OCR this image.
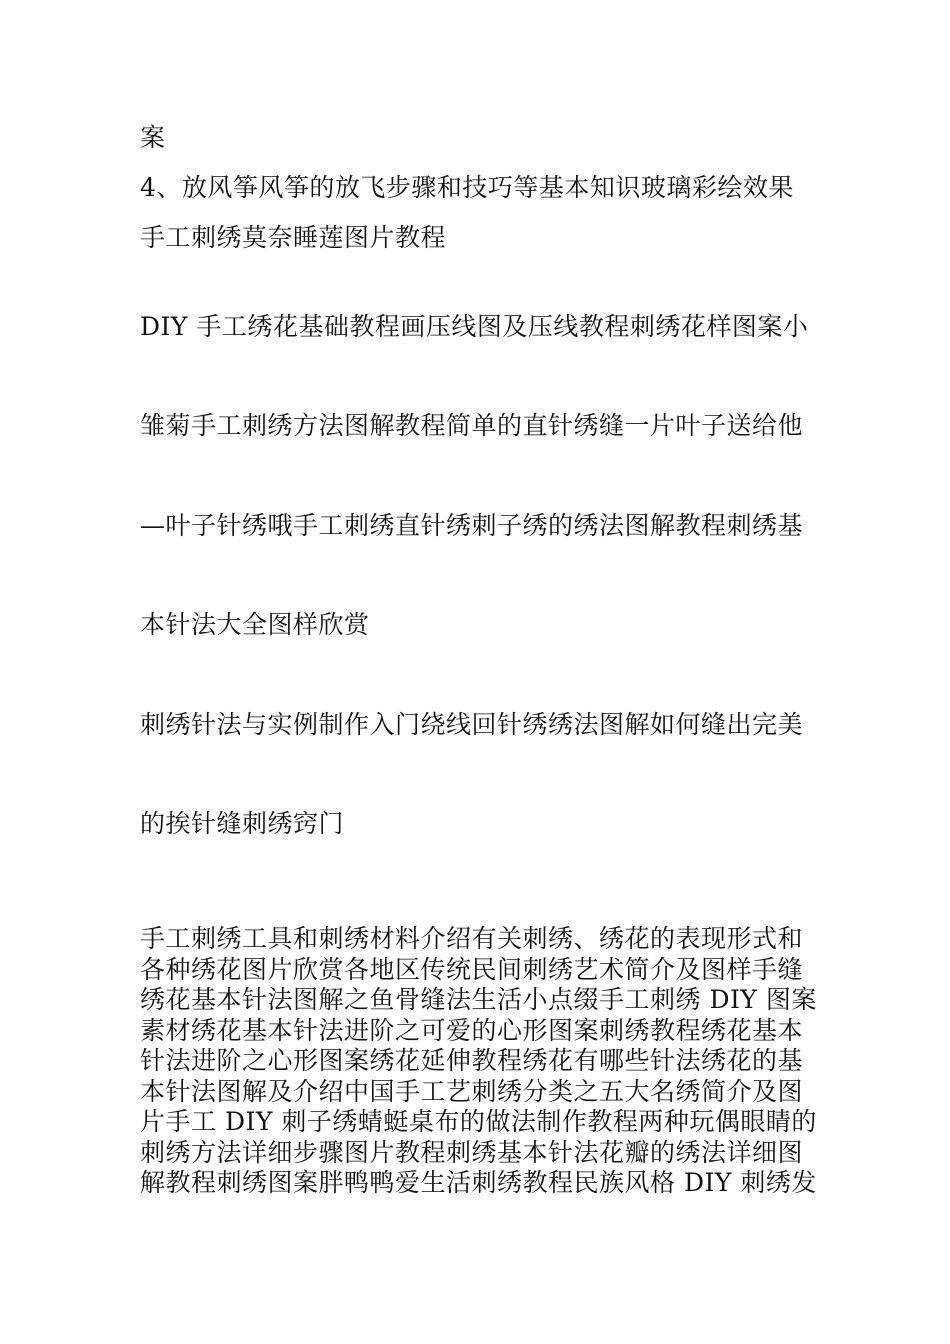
案
4、放风筝风筝的放飞步骤和技巧等基本知识玻璃彩绘效果
手工刺绣莫奈睡莲图片教程
DIY 手工绣花基础教程画压线图及压线教程刺绣花样图案小
雏菊手工刺绣方法图解教程简单的直针绣缝一片叶子送给他
—叶子针绣哦手工刺绣直针绣刺子绣的绣法图解教程刺绣基
本针法大全图样欣赏
刺绣针法与实例制作入门绕线回针绣绣法图解如何缝出完美
的挨针缝刺绣窍门
手工刺绣工具和刺绣材料介绍有关刺绣、绣花的表现形式和
各种绣花图片欣赏各地区传统民间刺绣艺术简介及图样手缝
绣花基本针法图解之鱼骨缝法生活小点缀手工刺绣 DIY 图案
素材绣花基本针法进阶之可爱的心形图案刺绣教程绣花基本
针法进阶之心形图案绣花延伸教程绣花有哪些针法绣花的基
本针法图解及介绍中国手工艺刺绣分类之五大名绣简介及图
片手工 DIY 刺子绣蜻蜓桌布的做法制作教程两种玩偶眼睛的
刺绣方法详细步骤图片教程刺绣基本针法花瓣的绣法详细图
解教程刺绣图案胖鸭鸭爱生活刺绣教程民族风格 DIY 刺绣发
